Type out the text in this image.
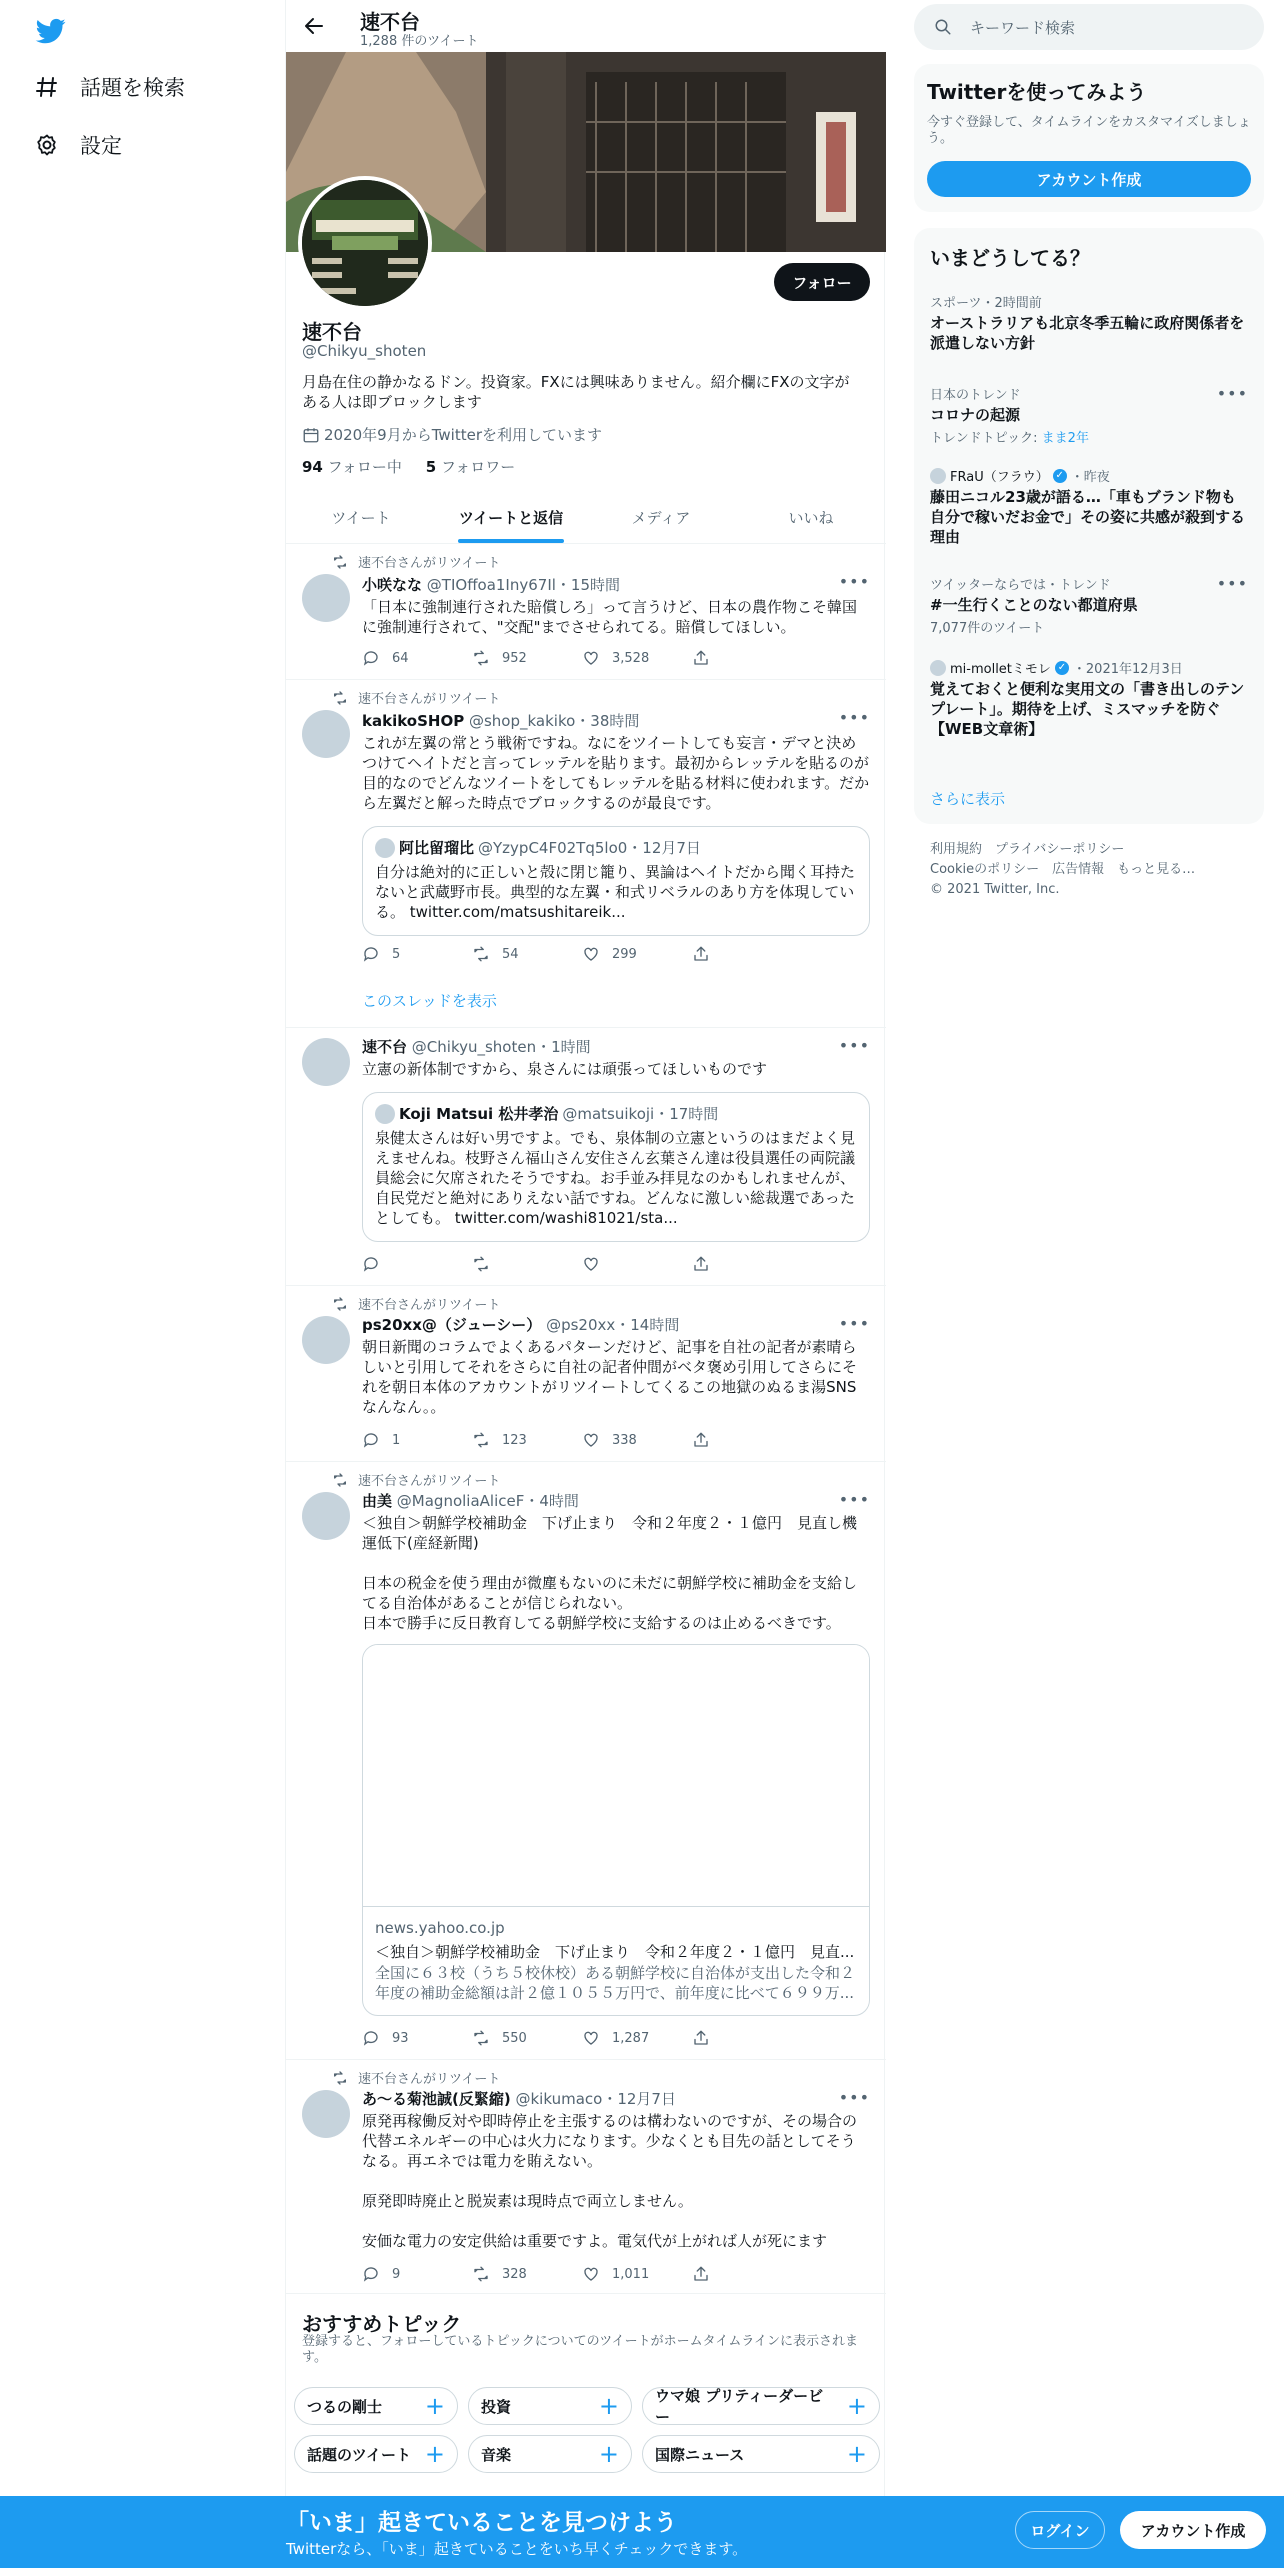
話題を検索
設定
速不台
1,288 件のツイート
フォロー
速不台
@Chikyu_shoten
月島在住の静かなるドン。投資家。FXには興味ありません。紹介欄にFXの文字がある人は即ブロックします
2020年9月からTwitterを利用しています
94 フォロー中 5 フォロワー
ツイート	ツイートと返信	メディア	いいね
速不台さんがリツイート
•••
小咲なな @TIOffoa1Iny67Il・15時間
「日本に強制連行された賠償しろ」って言うけど、日本の農作物こそ韓国に強制連行されて、"交配"までさせられてる。賠償してほしい。
64	952	3,528
速不台さんがリツイート
•••
kakikoSHOP @shop_kakiko・38時間
これが左翼の常とう戦術ですね。なにをツイートしても妄言・デマと決めつけてヘイトだと言ってレッテルを貼ります。最初からレッテルを貼るのが目的なのでどんなツイートをしてもレッテルを貼る材料に使われます。だから左翼だと解った時点でブロックするのが最良です。
阿比留瑠比 @YzypC4F02Tq5lo0・12月7日
自分は絶対的に正しいと殻に閉じ籠り、異論はヘイトだから聞く耳持たないと武蔵野市長。典型的な左翼・和式リベラルのあり方を体現している。 twitter.com/matsushitareik...
5	54	299
このスレッドを表示
•••
速不台 @Chikyu_shoten・1時間
立憲の新体制ですから、泉さんには頑張ってほしいものです
Koji Matsui 松井孝治 @matsuikoji・17時間
泉健太さんは好い男ですよ。でも、泉体制の立憲というのはまだよく見えませんね。枝野さん福山さん安住さん玄葉さん達は役員選任の両院議員総会に欠席されたそうですね。お手並み拝見なのかもしれませんが、自民党だと絶対にありえない話ですね。どんなに激しい総裁選であったとしても。 twitter.com/washi81021/sta...
速不台さんがリツイート
•••
ps20xx@（ジューシー） @ps20xx・14時間
朝日新聞のコラムでよくあるパターンだけど、記事を自社の記者が素晴らしいと引用してそれをさらに自社の記者仲間がベタ褒め引用してさらにそれを朝日本体のアカウントがリツイートしてくるこの地獄のぬるま湯SNSなんなん。。
1	123	338
速不台さんがリツイート
•••
由美 @MagnoliaAliceF・4時間
＜独自＞朝鮮学校補助金　下げ止まり　令和２年度２・１億円　見直し機運低下(産経新聞)

日本の税金を使う理由が微塵もないのに未だに朝鮮学校に補助金を支給してる自治体があることが信じられない。
日本で勝手に反日教育してる朝鮮学校に支給するのは止めるべきです。
news.yahoo.co.jp
＜独自＞朝鮮学校補助金　下げ止まり　令和２年度２・１億円　見直...
全国に６３校（うち５校休校）ある朝鮮学校に自治体が支出した令和２年度の補助金総額は計２億１０５５万円で、前年度に比べて６９９万...
93	550	1,287
速不台さんがリツイート
•••
あ〜る菊池誠(反緊縮) @kikumaco・12月7日
原発再稼働反対や即時停止を主張するのは構わないのですが、その場合の代替エネルギーの中心は火力になります。少なくとも目先の話としてそうなる。再エネでは電力を賄えない。

原発即時廃止と脱炭素は現時点で両立しません。

安価な電力の安定供給は重要ですよ。電気代が上がれば人が死にます
9	328	1,011
おすすめトピック
登録すると、フォローしているトピックについてのツイートがホームタイムラインに表示されます。
つるの剛士 + 投資	+ ウマ娘 プリティーダービー	+
話題のツイート + 音楽	+ 国際ニュース	+
キーワード検索
Twitterを使ってみよう
今すぐ登録して、タイムラインをカスタマイズしましょう。
アカウント作成
いまどうしてる？
スポーツ・2時間前
オーストラリアも北京冬季五輪に政府関係者を派遣しない方針
•••
日本のトレンド
コロナの起源
トレンドトピック: まま2年
FRaU（フラウ） ✓ ・昨夜
藤田ニコル23歳が語る…「車もブランド物も自分で稼いだお金で」その姿に共感が殺到する理由
•••
ツイッターならでは・トレンド
#一生行くことのない都道府県
7,077件のツイート
mi-molletミモレ ✓ ・2021年12月3日
覚えておくと便利な実用文の「書き出しのテンプレート」。期待を上げ、ミスマッチを防ぐ【WEB文章術】
さらに表示
利用規約　プライバシーポリシー
Cookieのポリシー　広告情報　もっと見る…
© 2021 Twitter, Inc.
「いま」起きていることを見つけよう
Twitterなら、「いま」起きていることをいち早くチェックできます。
ログイン	アカウント作成
